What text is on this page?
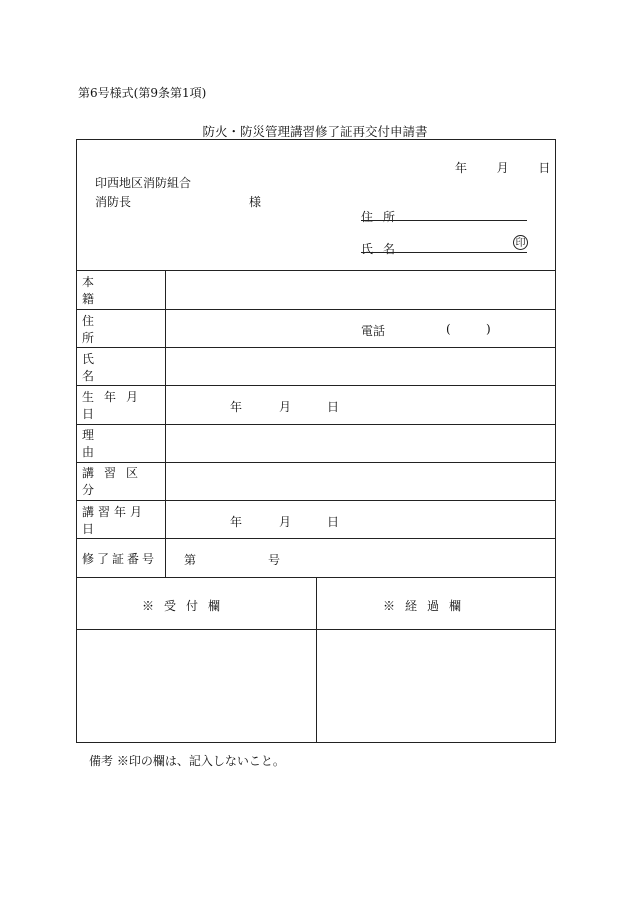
第6号様式(第9条第1項)
防火・防災管理講習修了証再交付申請書
年 月 日
印西地区消防組合
消防長	様
住所
氏名	印
本籍
住所	電話	(	)
氏名
生年月日	年	月	日
理由
講習区分
講習年月日	年	月	日
修了証番号 第	号
※受付欄	※経過欄
備考 ※印の欄は、記入しないこと。
